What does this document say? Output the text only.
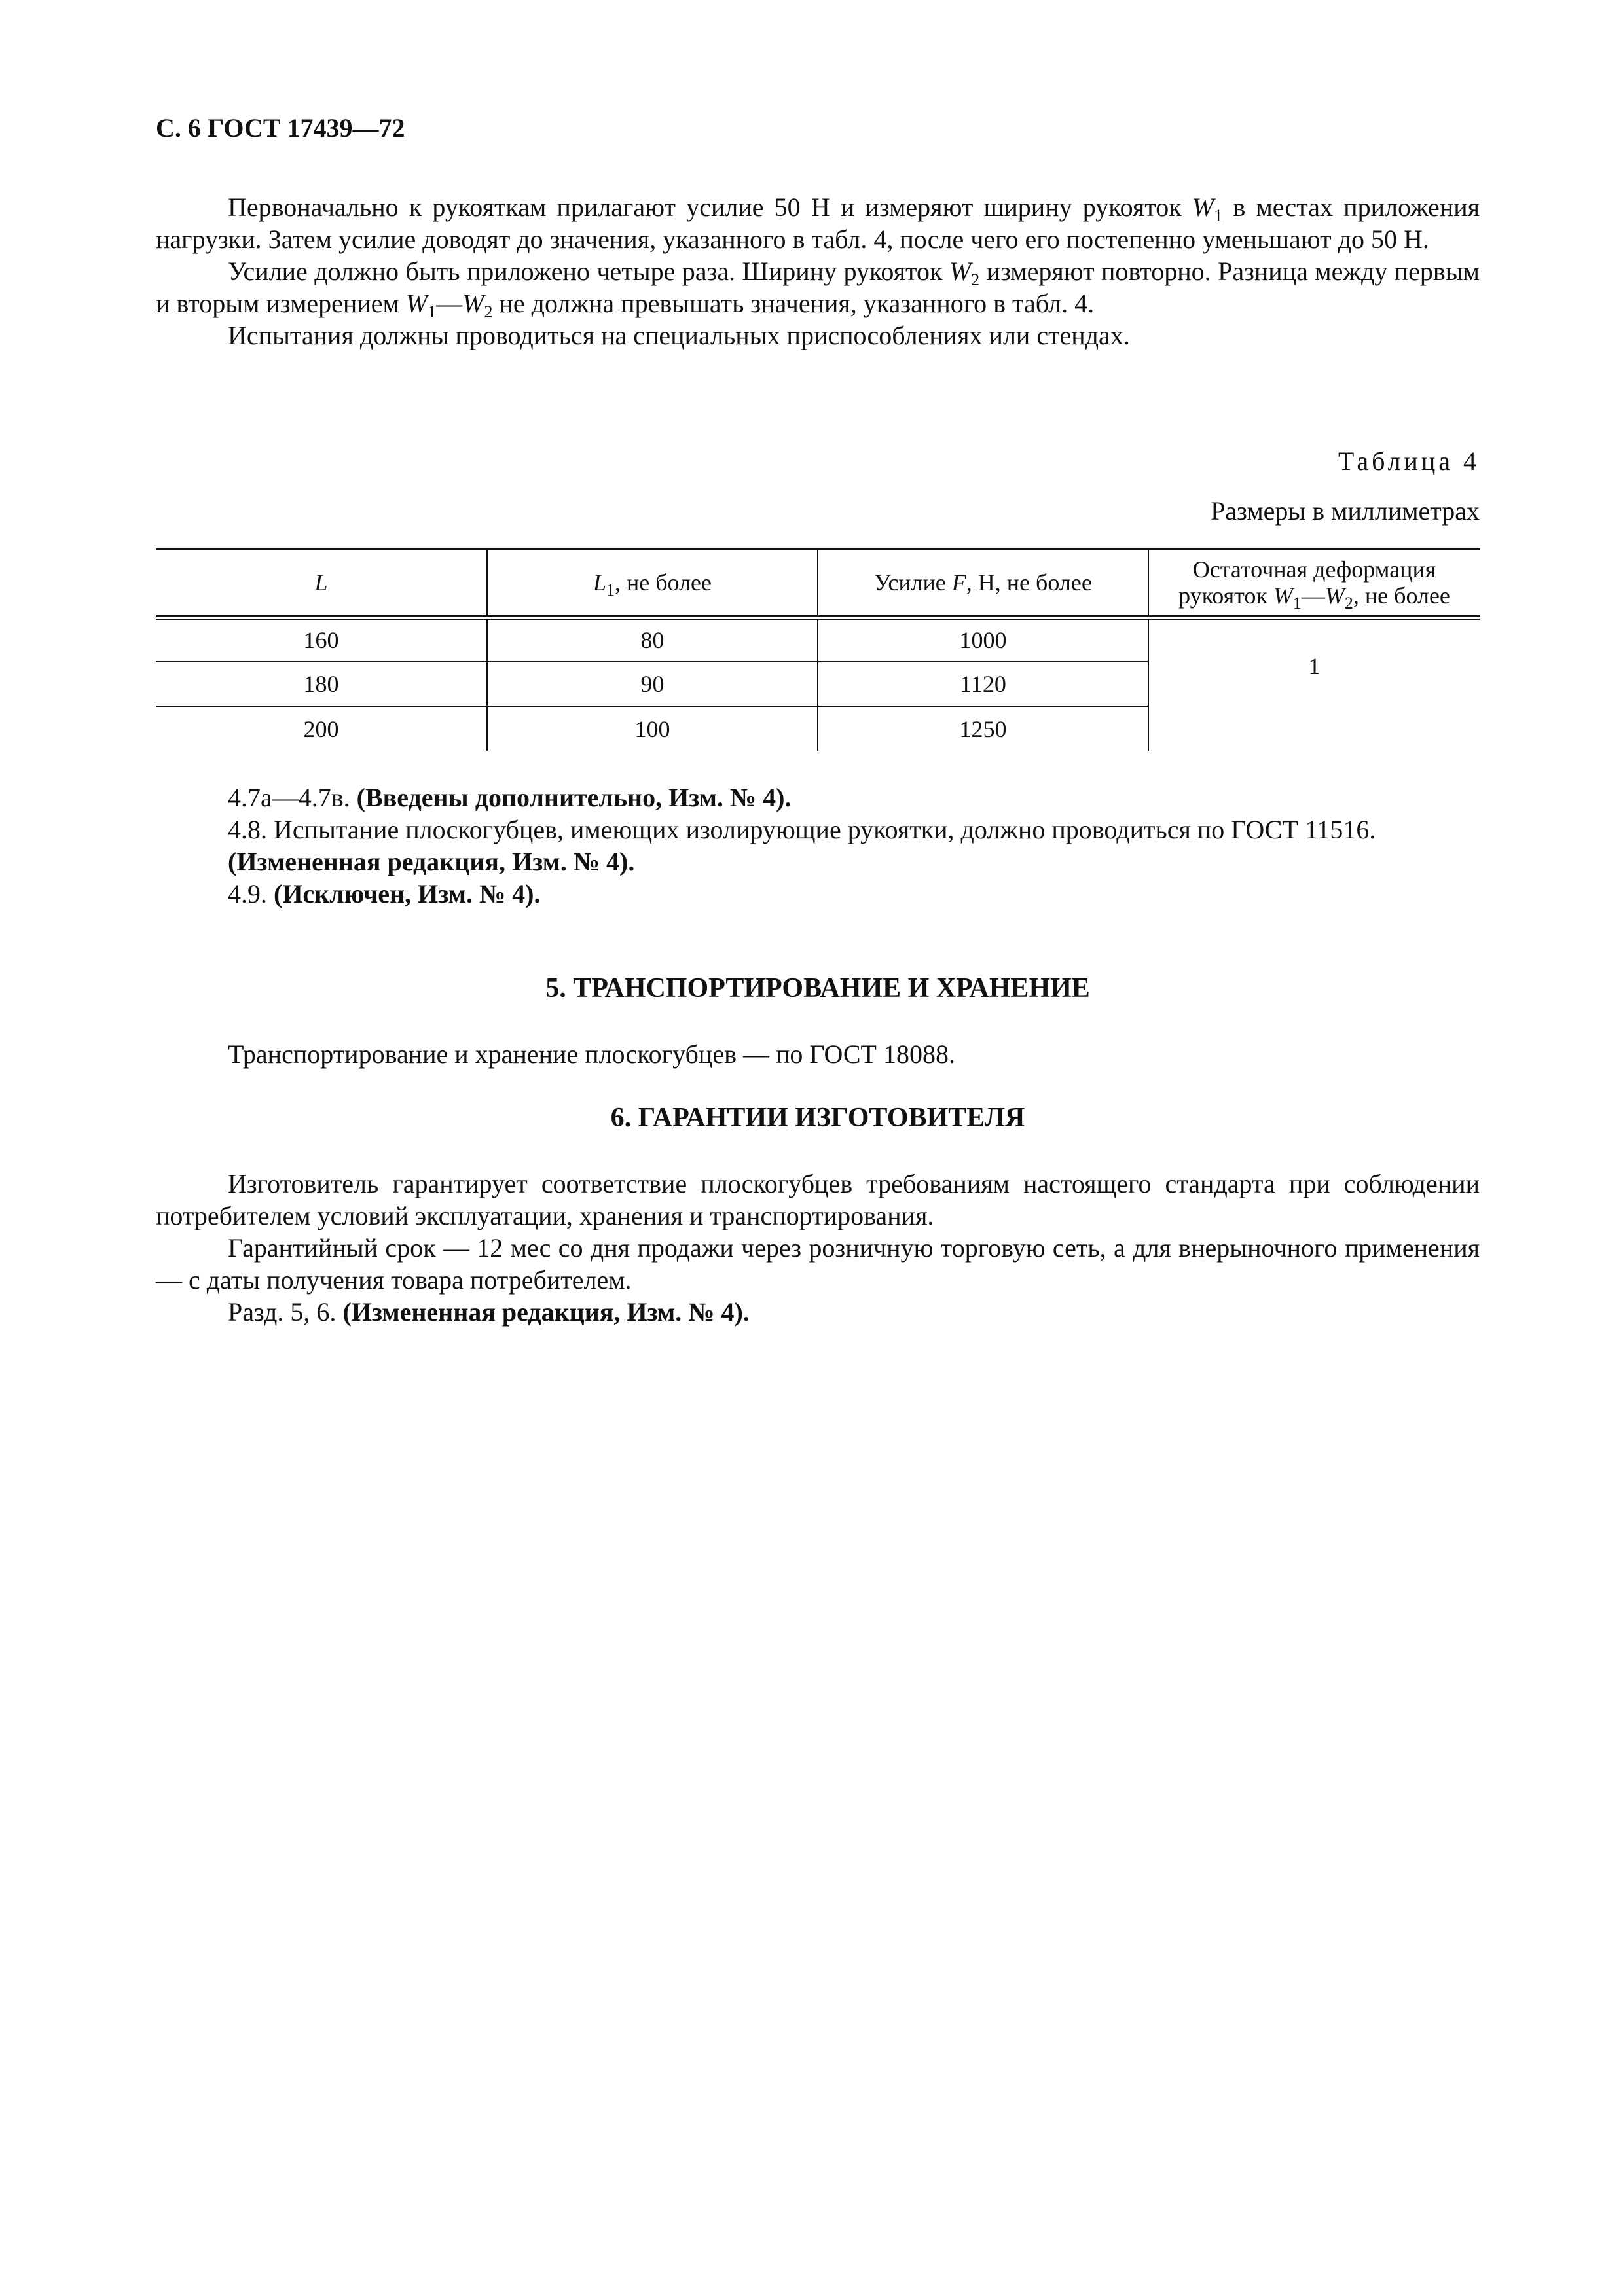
С. 6 ГОСТ 17439—72

Первоначально к рукояткам прилагают усилие 50 Н и измеряют ширину рукояток $W_1$ в местах приложения нагрузки. Затем усилие доводят до значения, указанного в табл. 4, после чего его постепенно уменьшают до 50 Н.

Усилие должно быть приложено четыре раза. Ширину рукояток $W_2$ измеряют повторно. Разница между первым и вторым измерением $W_1—W_2$ не должна превышать значения, указанного в табл. 4.

Испытания должны проводиться на специальных приспособлениях или стендах.

Таблица 4
Размеры в миллиметрах
L	$L_1$, не более	Усилие F, Н, не более	Остаточная деформация
рукояток $W_1—W_2$, не более
160	80	1000	1
180	90	1120	
200	100	1250	

4.7а—4.7в. (Введены дополнительно, Изм. № 4).

4.8. Испытание плоскогубцев, имеющих изолирующие рукоятки, должно проводиться по ГОСТ 11516.

(Измененная редакция, Изм. № 4).

4.9. (Исключен, Изм. № 4).

5. ТРАНСПОРТИРОВАНИЕ И ХРАНЕНИЕ

Транспортирование и хранение плоскогубцев — по ГОСТ 18088.

6. ГАРАНТИИ ИЗГОТОВИТЕЛЯ

Изготовитель гарантирует соответствие плоскогубцев требованиям настоящего стандарта при соблюдении потребителем условий эксплуатации, хранения и транспортирования.

Гарантийный срок — 12 мес со дня продажи через розничную торговую сеть, а для внерыночного применения — с даты получения товара потребителем.

Разд. 5, 6. (Измененная редакция, Изм. № 4).
